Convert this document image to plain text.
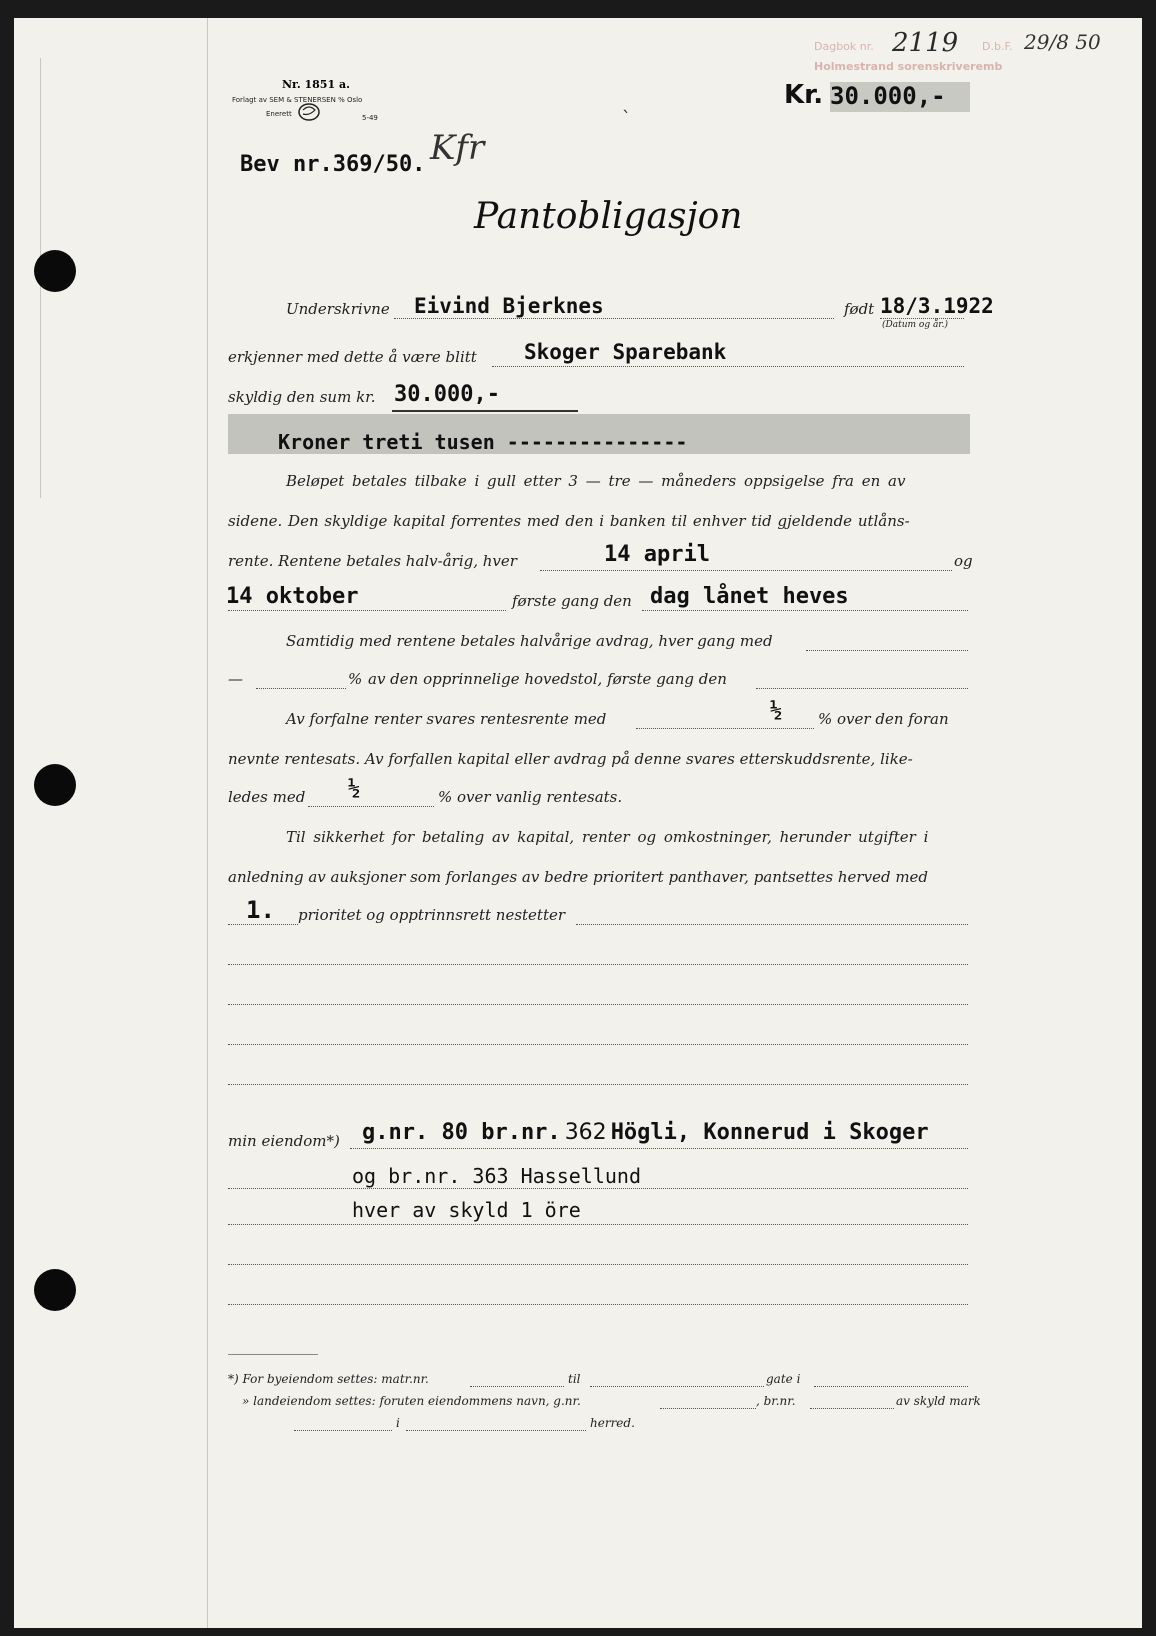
Dagbok nr. 2119 D.b.F. 29/8 50
Holmestrand sorenskriveremb
Nr. 1851 a.
Forlagt av SEM & STENERSEN % Oslo
Enerett	5-49
Kr. 30.000,-
ˋ
Bev nr.369/50. Kfr
Pantobligasjon
Underskrivne Eivind Bjerknes	født 18/3.1922
(Datum og år.)
erkjenner med dette å være blitt Skoger Sparebank
skyldig den sum kr. 30.000,-
Kroner treti tusen ---------------
Beløpet betales tilbake i gull etter 3 — tre — måneders oppsigelse fra en av
sidene. Den skyldige kapital forrentes med den i banken til enhver tid gjeldende utlåns-
rente. Rentene betales halv-årig, hver	14 april	og
14 oktober	første gang den dag lånet heves
Samtidig med rentene betales halvårige avdrag, hver gang med
—	% av den opprinnelige hovedstol, første gang den
Av forfalne renter svares rentesrente med	½ % over den foran
nevnte rentesats. Av forfallen kapital eller avdrag på denne svares etterskuddsrente, like-
ledes med ½	% over vanlig rentesats.
Til sikkerhet for betaling av kapital, renter og omkostninger, herunder utgifter i
anledning av auksjoner som forlanges av bedre prioritert panthaver, pantsettes herved med
1. prioritet og opptrinnsrett nestetter
min eiendom*) g.nr. 80 br.nr. 362 Högli, Konnerud i Skoger
og br.nr. 363 Hassellund
hver av skyld 1 öre
*) For byeiendom settes: matr.nr.	til	gate i
» landeiendom settes: foruten eiendommens navn, g.nr.	, br.nr.	av skyld mark
i	herred.
